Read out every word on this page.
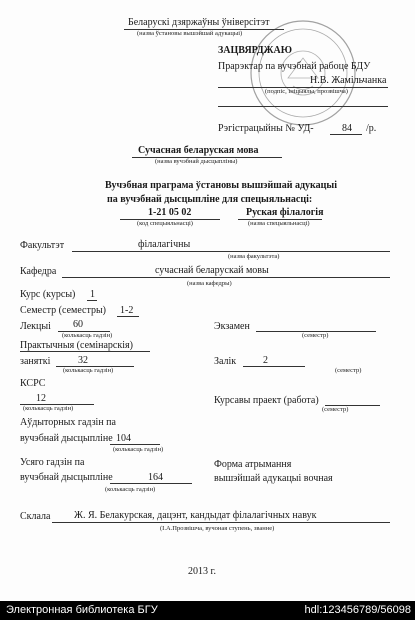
Беларускі дзяржаўны ўніверсітэт
(назва ўстановы вышэйшай адукацыі)
ЗАЦВЯРДЖАЮ
Прарэктар па вучэбнай рабоце БДУ
Н.В. Жамільчанка
(подпіс, ініцыялы, прозвішча)
Рэгістрацыйны № УД-	84 /р.
Сучасная беларуская мова
(назва вучэбнай дысцыпліны)
Вучэбная праграма ўстановы вышэйшай адукацыі
па вучэбнай дысцыпліне для спецыяльнасці:
1-21 05 02	Руская філалогія
(код спецыяльнасці)	(назва спецыяльнасці)
Факультэт	філалагічны
(назва факультэта)
Кафедра	сучаснай беларускай мовы
(назва кафедры)
Курс (курсы) 1
Семестр (семестры) 1-2
Лекцыі 60
(колькасць гадзін)
Экзамен
(семестр)
Практычныя (семінарскія)
заняткі	32
(колькасць гадзін)
Залік	2
(семестр)
КСРС
12
(колькасць гадзін)
Курсавы праект (работа)
(семестр)
Аўдыторных гадзін па
вучэбнай дысцыпліне 104
(колькасць гадзін)
Усяго гадзін па
вучэбнай дысцыпліне	164
(колькасць гадзін)
Форма атрымання
вышэйшай адукацыі вочная
Склала Ж. Я. Белакурская, дацэнт, кандыдат філалагічных навук
(І.А.Прозвішча, вучоная ступень, званне)
2013 г.
Электронная библиотека БГУ	hdl:123456789/56098
